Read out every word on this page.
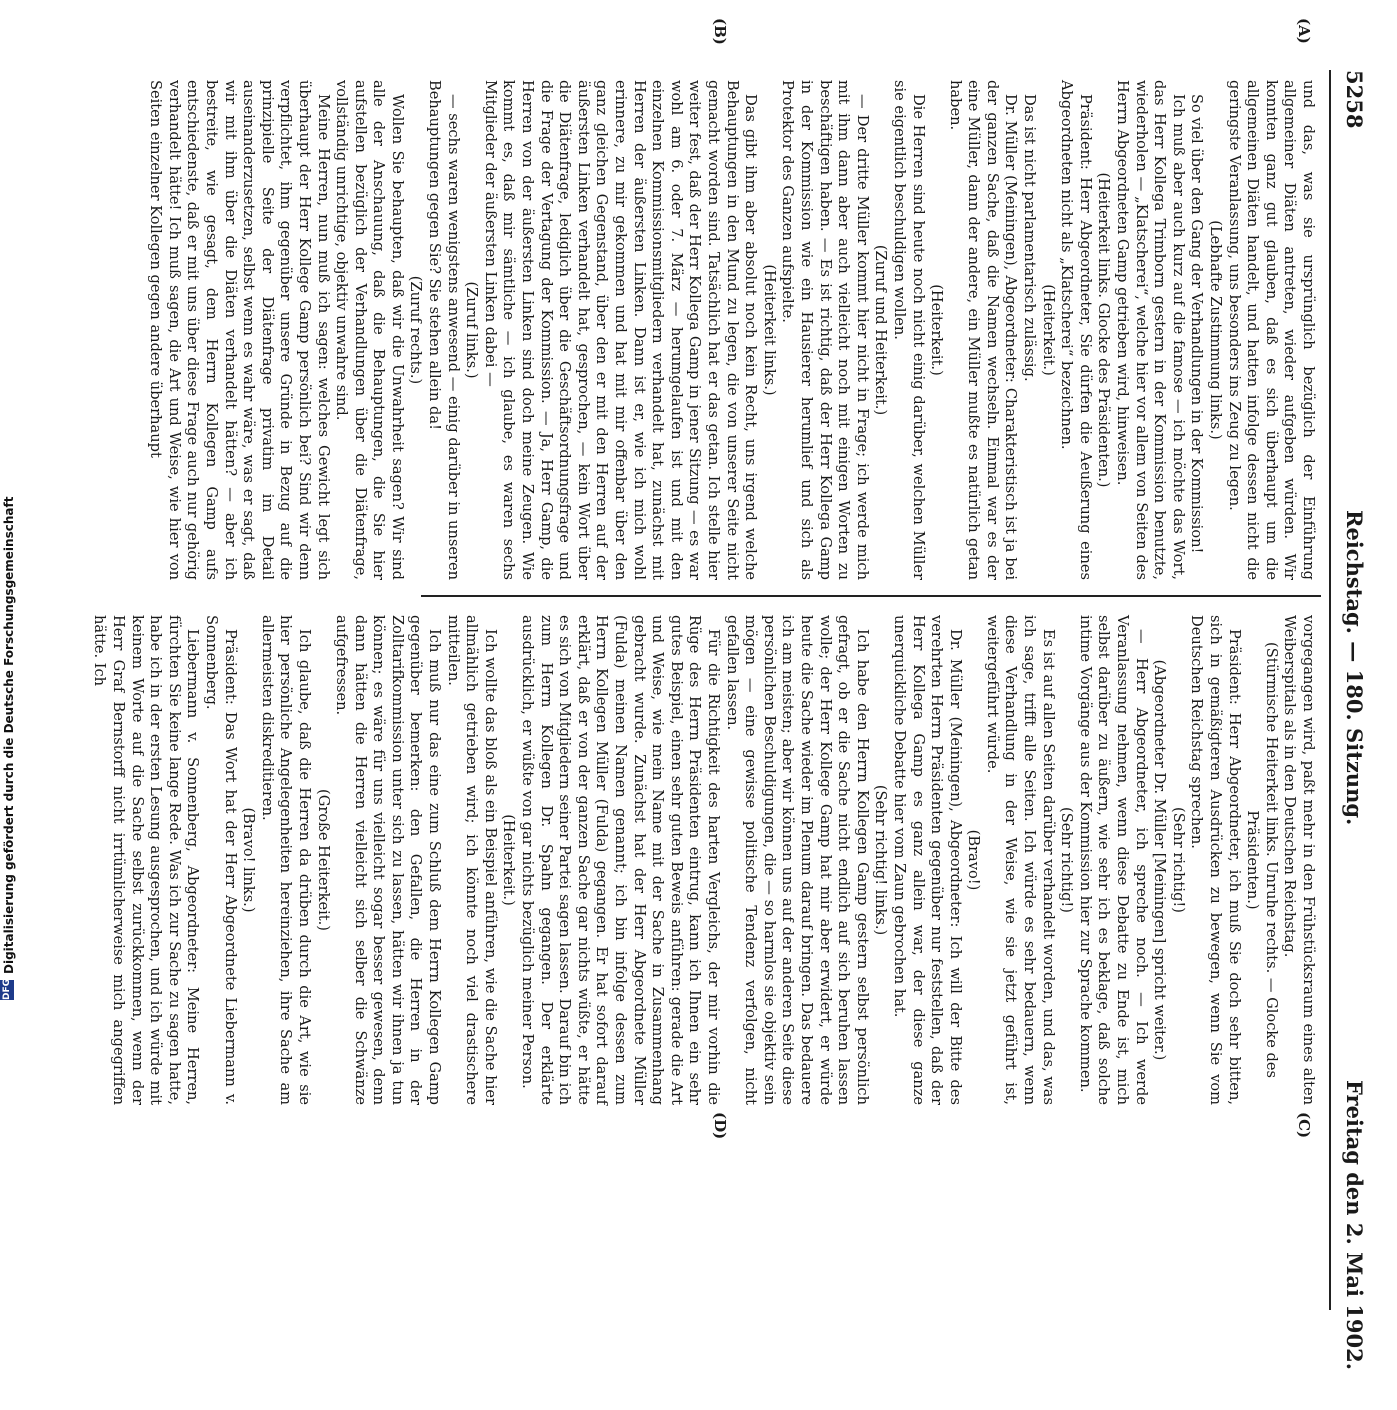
5258
Reichstag. — 180. Sitzung.
Freitag den 2. Mai 1902.
(A)
(B)
(C)
(D)

und das, was sie ursprünglich bezüglich der Einführung allgemeiner Diäten antreten, wieder aufgeben würden. Wir konnten ganz gut glauben, daß es sich überhaupt um die allgemeinen Diäten handelt, und hatten infolge dessen nicht die geringste Veranlassung, uns besonders ins Zeug zu legen.

(Lebhafte Zustimmung links.)

So viel über den Gang der Verhandlungen in der Kommission!

Ich muß aber auch kurz auf die famose — ich möchte das Wort, das Herr Kollega Trimborn gestern in der Kommission benutzte, wiederholen — „Klatscherei“, welche hier vor allem von Seiten des Herrn Abgeordneten Gamp getrieben wird, hinweisen.

(Heiterkeit links. Glocke des Präsidenten.)

Präsident: Herr Abgeordneter, Sie dürfen die Aeußerung eines Abgeordneten nicht als „Klatscherei“ bezeichnen.

(Heiterkeit.)

Das ist nicht parlamentarisch zulässig.

Dr. Müller (Meiningen), Abgeordneter: Charakteristisch ist ja bei der ganzen Sache, daß die Namen wechseln. Einmal war es der eine Müller, dann der andere, ein Müller mußte es natürlich getan haben.

(Heiterkeit.)

Die Herren sind heute noch nicht einig darüber, welchen Müller sie eigentlich beschuldigen wollen.

(Zuruf und Heiterkeit.)

— Der dritte Müller kommt hier nicht in Frage; ich werde mich mit ihm dann aber auch vielleicht noch mit einigen Worten zu beschäftigen haben. — Es ist richtig, daß der Herr Kollega Gamp in der Kommission wie ein Hausierer herumlief und sich als Protektor des Ganzen aufspielte.

(Heiterkeit links.)

Das gibt ihm aber absolut noch kein Recht, uns irgend welche Behauptungen in den Mund zu legen, die von unserer Seite nicht gemacht worden sind. Tatsächlich hat er das getan. Ich stelle hier weiter fest, daß der Herr Kollega Gamp in jener Sitzung — es war wohl am 6. oder 7. März — herumgelaufen ist und mit den einzelnen Kommissionsmitgliedern verhandelt hat, zunächst mit Herren der äußersten Linken. Dann ist er, wie ich mich wohl erinnere, zu mir gekommen und hat mit mir offenbar über den ganz gleichen Gegenstand, über den er mit den Herren auf der äußersten Linken verhandelt hat, gesprochen, — kein Wort über die Diätenfrage, lediglich über die Geschäftsordnungsfrage und die Frage der Vertagung der Kommission. — Ja, Herr Gamp, die Herren von der äußersten Linken sind doch meine Zeugen. Wie kommt es, daß mir sämtliche — ich glaube, es waren sechs Mitglieder der äußersten Linken dabei —

(Zuruf links.)

— sechs waren wenigstens anwesend — einig darüber in unseren Behauptungen gegen Sie? Sie stehen allein da!

(Zuruf rechts.)

Wollen Sie behaupten, daß wir die Unwahrheit sagen? Wir sind alle der Anschauung, daß die Behauptungen, die Sie hier aufstellen bezüglich der Verhandlungen über die Diätenfrage, vollständig unrichtige, objektiv unwahre sind.

Meine Herren, nun muß ich sagen: welches Gewicht legt sich überhaupt der Herr Kollege Gamp persönlich bei? Sind wir denn verpflichtet, ihm gegenüber unsere Gründe in Bezug auf die prinzipielle Seite der Diätenfrage privatim im Detail auseinanderzusetzen, selbst wenn es wahr wäre, was er sagt, daß wir mit ihm über die Diäten verhandelt hätten? — aber ich bestreite, wie gesagt, dem Herrn Kollegen Gamp aufs entschiedenste, daß er mit uns über diese Frage auch nur gehörig verhandelt hätte! Ich muß sagen, die Art und Weise, wie hier von Seiten einzelner Kollegen gegen andere überhaupt

vorgegangen wird, paßt mehr in den Frühstücksraum eines alten Weiberspitals als in den Deutschen Reichstag.

(Stürmische Heiterkeit links. Unruhe rechts. — Glocke des Präsidenten.)

Präsident: Herr Abgeordneter, ich muß Sie doch sehr bitten, sich in gemäßigteren Ausdrücken zu bewegen, wenn Sie vom Deutschen Reichstag sprechen.

(Sehr richtig!)

(Abgeordneter Dr. Müller [Meiningen] spricht weiter.)

— Herr Abgeordneter, ich spreche noch. — Ich werde Veranlassung nehmen, wenn diese Debatte zu Ende ist, mich selbst darüber zu äußern, wie sehr ich es beklage, daß solche intime Vorgänge aus der Kommission hier zur Sprache kommen.

(Sehr richtig!)

Es ist auf allen Seiten darüber verhandelt worden, und das, was ich sage, trifft alle Seiten. Ich würde es sehr bedauern, wenn diese Verhandlung in der Weise, wie sie jetzt geführt ist, weitergeführt würde.

(Bravo!)

Dr. Müller (Meiningen), Abgeordneter: Ich will der Bitte des verehrten Herrn Präsidenten gegenüber nur feststellen, daß der Herr Kollega Gamp es ganz allein war, der diese ganze unerquickliche Debatte hier vom Zaun gebrochen hat.

(Sehr richtig! links.)

Ich habe den Herrn Kollegen Gamp gestern selbst persönlich gefragt, ob er die Sache nicht endlich auf sich beruhen lassen wolle; der Herr Kollege Gamp hat mir aber erwidert, er würde heute die Sache wieder im Plenum darauf bringen. Das bedauere ich am meisten; aber wir können uns auf der anderen Seite diese persönlichen Beschuldigungen, die — so harmlos sie objektiv sein mögen — eine gewisse politische Tendenz verfolgen, nicht gefallen lassen.

Für die Richtigkeit des harten Vergleichs, der mir vorhin die Rüge des Herrn Präsidenten eintrug, kann ich Ihnen ein sehr gutes Beispiel, einen sehr guten Beweis anführen: gerade die Art und Weise, wie mein Name mit der Sache in Zusammenhang gebracht wurde. Zunächst hat der Herr Abgeordnete Müller (Fulda) meinen Namen genannt; ich bin infolge dessen zum Herrn Kollegen Müller (Fulda) gegangen. Er hat sofort darauf erklärt, daß er von der ganzen Sache gar nichts wüßte, er hätte es sich von Mitgliedern seiner Partei sagen lassen. Darauf bin ich zum Herrn Kollegen Dr. Spahn gegangen. Der erklärte ausdrücklich, er wüßte von gar nichts bezüglich meiner Person.

(Heiterkeit.)

Ich wollte das bloß als ein Beispiel anführen, wie die Sache hier allmählich getrieben wird; ich könnte noch viel drastischere mitteilen.

Ich muß nur das eine zum Schluß dem Herrn Kollegen Gamp gegenüber bemerken: den Gefallen, die Herren in der Zolltarifkommission unter sich zu lassen, hätten wir ihnen ja tun können; es wäre für uns vielleicht sogar besser gewesen, denn dann hätten die Herren vielleicht sich selber die Schwänze aufgefressen.

(Große Heiterkeit.)

Ich glaube, daß die Herren da drüben durch die Art, wie sie hier persönliche Angelegenheiten hereinziehen, ihre Sache am allermeisten diskreditieren.

(Bravo! links.)

Präsident: Das Wort hat der Herr Abgeordnete Liebermann v. Sonnenberg.

Liebermann v. Sonnenberg, Abgeordneter: Meine Herren, fürchten Sie keine lange Rede. Was ich zur Sache zu sagen hatte, habe ich in der ersten Lesung ausgesprochen, und ich würde mit keinem Worte auf die Sache selbst zurückkommen, wenn der Herr Graf Bernstorff nicht irrtümlicherweise mich angegriffen hätte. Ich

DFG
Digitalisierung gefördert durch die Deutsche Forschungsgemeinschaft
